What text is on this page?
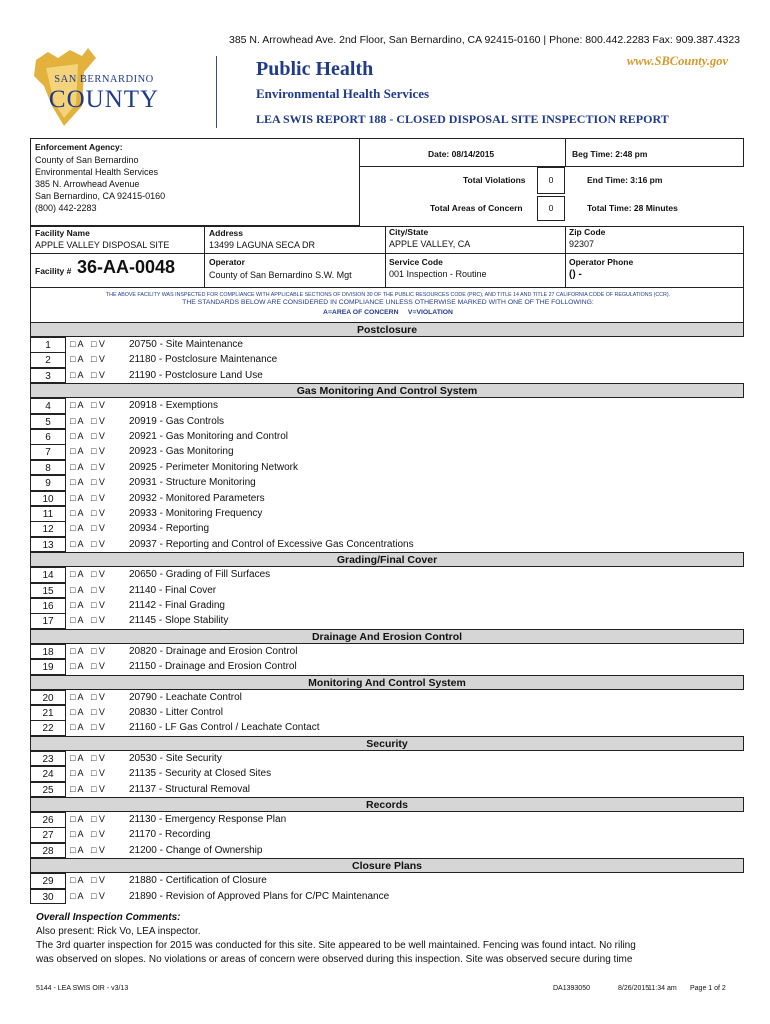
385 N. Arrowhead Ave. 2nd Floor, San Bernardino, CA 92415-0160 | Phone: 800.442.2283 Fax: 909.387.4323
www.SBCounty.gov
SAN BERNARDINO
COUNTY
Public Health
Environmental Health Services
LEA SWIS REPORT 188 - CLOSED DISPOSAL SITE INSPECTION REPORT
Enforcement Agency:
County of San Bernardino
Environmental Health Services
385 N. Arrowhead Avenue
San Bernardino, CA 92415-0160
(800) 442-2283
Date: 08/14/2015	Beg Time: 2:48 pm
Total Violations	0	End Time: 3:16 pm
Total Areas of Concern	0	Total Time: 28 Minutes
Facility Name
APPLE VALLEY DISPOSAL SITE
Address
13499 LAGUNA SECA DR
City/State
APPLE VALLEY, CA
Zip Code
92307
Facility # 36-AA-0048	Operator
County of San Bernardino S.W. Mgt
Service Code
001 Inspection - Routine
Operator Phone
() -
THE ABOVE FACILITY WAS INSPECTED FOR COMPLIANCE WITH APPLICABLE SECTIONS OF DIVISION 30 OF THE PUBLIC RESOURCES CODE (PRC), AND TITLE 14 AND TITLE 27 CALIFORNIA CODE OF REGULATIONS (CCR).
THE STANDARDS BELOW ARE CONSIDERED IN COMPLIANCE UNLESS OTHERWISE MARKED WITH ONE OF THE FOLLOWING:
A=AREA OF CONCERN     V=VIOLATION
Postclosure
1	□ A □ V	20750 - Site Maintenance
2	□ A □ V	21180 - Postclosure Maintenance
3	□ A □ V	21190 - Postclosure Land Use
Gas Monitoring And Control System
4	□ A □ V	20918 - Exemptions
5	□ A □ V	20919 - Gas Controls
6	□ A □ V	20921 - Gas Monitoring and Control
7	□ A □ V	20923 - Gas Monitoring
8	□ A □ V	20925 - Perimeter Monitoring Network
9	□ A □ V	20931 - Structure Monitoring
10	□ A □ V	20932 - Monitored Parameters
11	□ A □ V	20933 - Monitoring Frequency
12	□ A □ V	20934 - Reporting
13	□ A □ V	20937 - Reporting and Control of Excessive Gas Concentrations
Grading/Final Cover
14	□ A □ V	20650 - Grading of Fill Surfaces
15	□ A □ V	21140 - Final Cover
16	□ A □ V	21142 - Final Grading
17	□ A □ V	21145 - Slope Stability
Drainage And Erosion Control
18	□ A □ V	20820 - Drainage and Erosion Control
19	□ A □ V	21150 - Drainage and Erosion Control
Monitoring And Control System
20	□ A □ V	20790 - Leachate Control
21	□ A □ V	20830 - Litter Control
22	□ A □ V	21160 - LF Gas Control / Leachate Contact
Security
23	□ A □ V	20530 - Site Security
24	□ A □ V	21135 - Security at Closed Sites
25	□ A □ V	21137 - Structural Removal
Records
26	□ A □ V	21130 - Emergency Response Plan
27	□ A □ V	21170 - Recording
28	□ A □ V	21200 - Change of Ownership
Closure Plans
29	□ A □ V	21880 - Certification of Closure
30	□ A □ V	21890 - Revision of Approved Plans for C/PC Maintenance
Overall Inspection Comments:
Also present: Rick Vo, LEA inspector.
The 3rd quarter inspection for 2015 was conducted for this site. Site appeared to be well maintained. Fencing was found intact. No riling
was observed on slopes. No violations or areas of concern were observed during this inspection. Site was observed secure during time
5144 - LEA SWIS OIR - v3/13	DA1393050	8/26/2015
11:34 am Page 1 of 2
